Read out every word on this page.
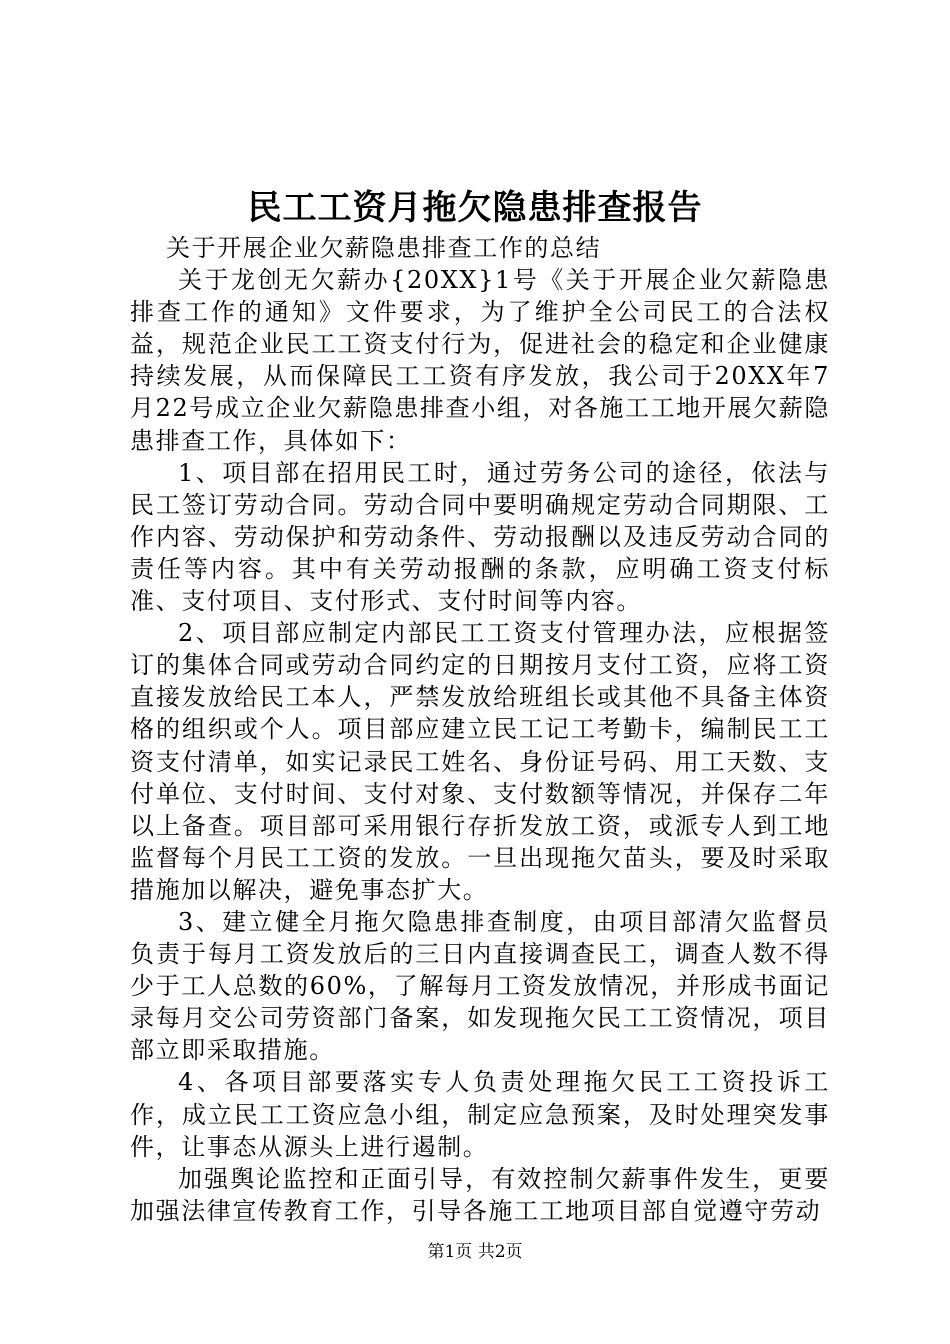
民工工资月拖欠隐患排查报告

关于开展企业欠薪隐患排查工作的总结

关于龙创无欠薪办{20XX}1号《关于开展企业欠薪隐患排查工作的通知》文件要求，为了维护全公司民工的合法权益，规范企业民工工资支付行为，促进社会的稳定和企业健康持续发展，从而保障民工工资有序发放，我公司于20XX年7月22号成立企业欠薪隐患排查小组，对各施工工地开展欠薪隐患排查工作，具体如下：

1、项目部在招用民工时，通过劳务公司的途径，依法与民工签订劳动合同。劳动合同中要明确规定劳动合同期限、工作内容、劳动保护和劳动条件、劳动报酬以及违反劳动合同的责任等内容。其中有关劳动报酬的条款，应明确工资支付标准、支付项目、支付形式、支付时间等内容。

2、项目部应制定内部民工工资支付管理办法，应根据签订的集体合同或劳动合同约定的日期按月支付工资，应将工资直接发放给民工本人，严禁发放给班组长或其他不具备主体资格的组织或个人。项目部应建立民工记工考勤卡，编制民工工资支付清单，如实记录民工姓名、身份证号码、用工天数、支付单位、支付时间、支付对象、支付数额等情况，并保存二年以上备查。项目部可采用银行存折发放工资，或派专人到工地监督每个月民工工资的发放。一旦出现拖欠苗头，要及时采取措施加以解决，避免事态扩大。

3、建立健全月拖欠隐患排查制度，由项目部清欠监督员负责于每月工资发放后的三日内直接调查民工，调查人数不得少于工人总数的60%，了解每月工资发放情况，并形成书面记录每月交公司劳资部门备案，如发现拖欠民工工资情况，项目部立即采取措施。

4、各项目部要落实专人负责处理拖欠民工工资投诉工作，成立民工工资应急小组，制定应急预案，及时处理突发事件，让事态从源头上进行遏制。

加强舆论监控和正面引导，有效控制欠薪事件发生，更要加强法律宣传教育工作，引导各施工工地项目部自觉遵守劳动

第1页 共2页
